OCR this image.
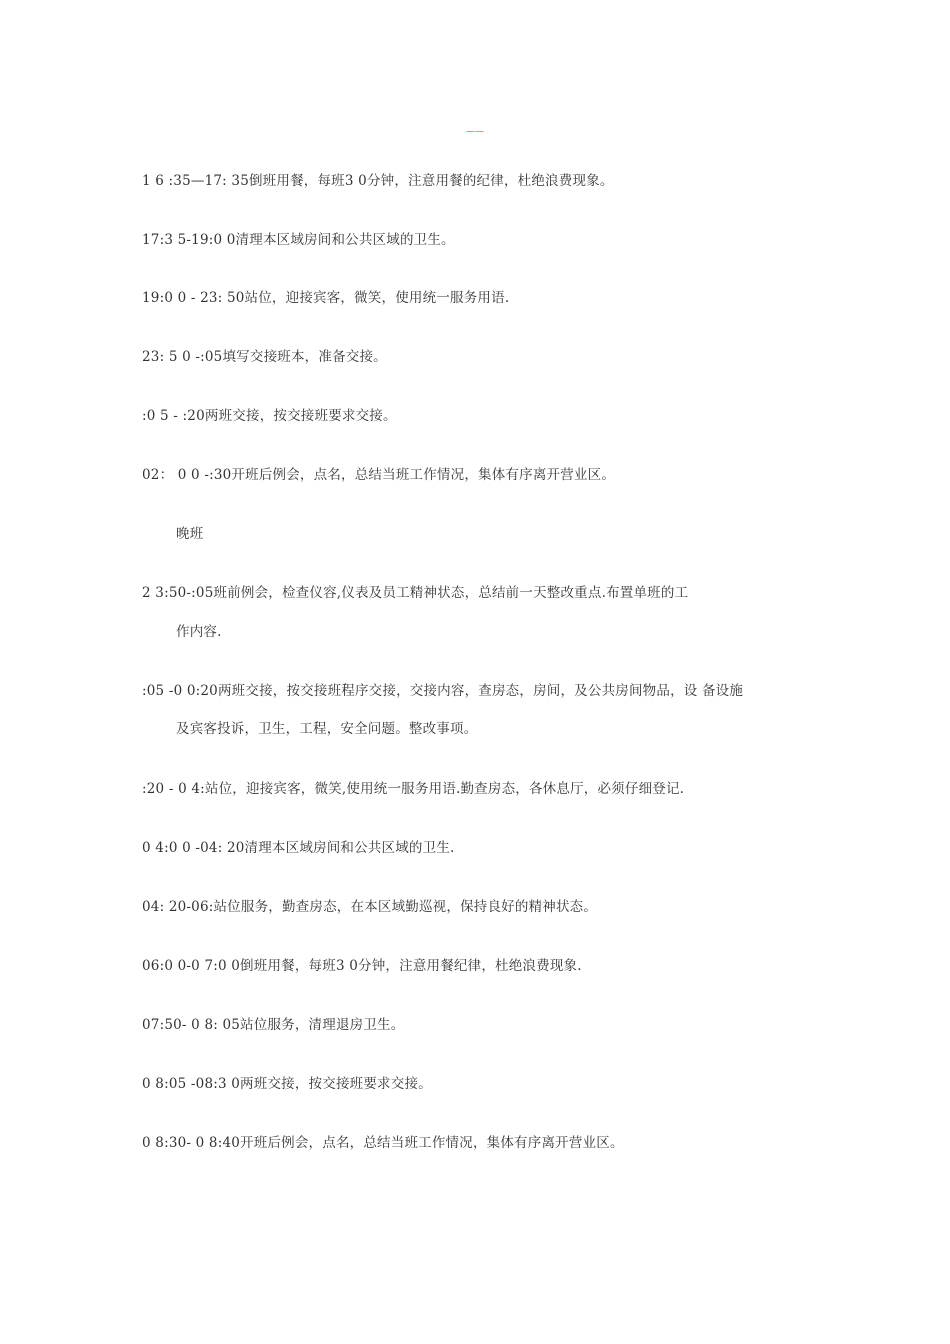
——
1 6 :35—17: 35倒班用餐，每班3 0分钟，注意用餐的纪律，杜绝浪费现象。
17:3 5-19:0 0清理本区域房间和公共区域的卫生。
19:0 0 - 23: 50站位，迎接宾客，微笑，使用统一服务用语.
23: 5 0 -:05填写交接班本，准备交接。
:0 5 - :20两班交接，按交接班要求交接。
02： 0 0 -:30开班后例会，点名，总结当班工作情况，集体有序离开营业区。
晚班
2 3:50-:05班前例会，检查仪容,仪表及员工精神状态，总结前一天整改重点.布置单班的工
作内容.
:05 -0 0:20两班交接，按交接班程序交接，交接内容，查房态，房间，及公共房间物品，设 备设施
及宾客投诉，卫生，工程，安全问题。整改事项。
:20 - 0 4:站位，迎接宾客，微笑,使用统一服务用语.勤查房态，各休息厅，必须仔细登记.
0 4:0 0 -04: 20清理本区域房间和公共区域的卫生.
04: 20-06:站位服务，勤查房态，在本区域勤巡视，保持良好的精神状态。
06:0 0-0 7:0 0倒班用餐，每班3 0分钟，注意用餐纪律，杜绝浪费现象.
07:50- 0 8: 05站位服务，清理退房卫生。
0 8:05 -08:3 0两班交接，按交接班要求交接。
0 8:30- 0 8:40开班后例会，点名，总结当班工作情况，集体有序离开营业区。
